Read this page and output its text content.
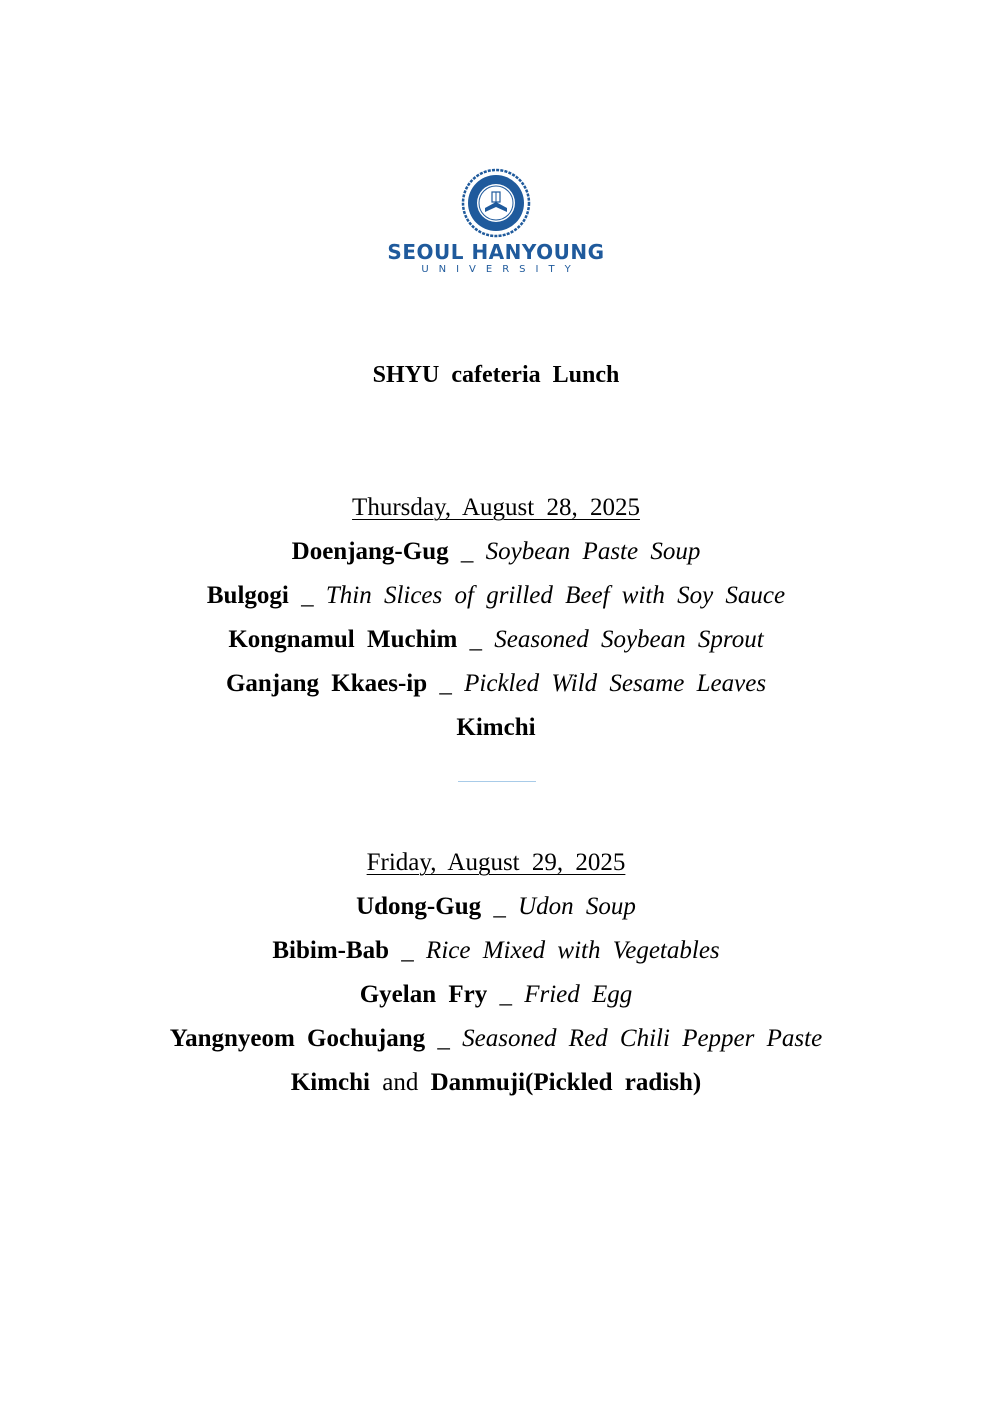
SEOUL HANYOUNG
UNIVERSITY
SHYU cafeteria Lunch
Thursday, August 28, 2025
Doenjang-Gug _ Soybean Paste Soup
Bulgogi _ Thin Slices of grilled Beef with Soy Sauce
Kongnamul Muchim _ Seasoned Soybean Sprout
Ganjang Kkaes-ip _ Pickled Wild Sesame Leaves
Kimchi
Friday, August 29, 2025
Udong-Gug _ Udon Soup
Bibim-Bab _ Rice Mixed with Vegetables
Gyelan Fry _ Fried Egg
Yangnyeom Gochujang _ Seasoned Red Chili Pepper Paste
Kimchi and Danmuji(Pickled radish)
